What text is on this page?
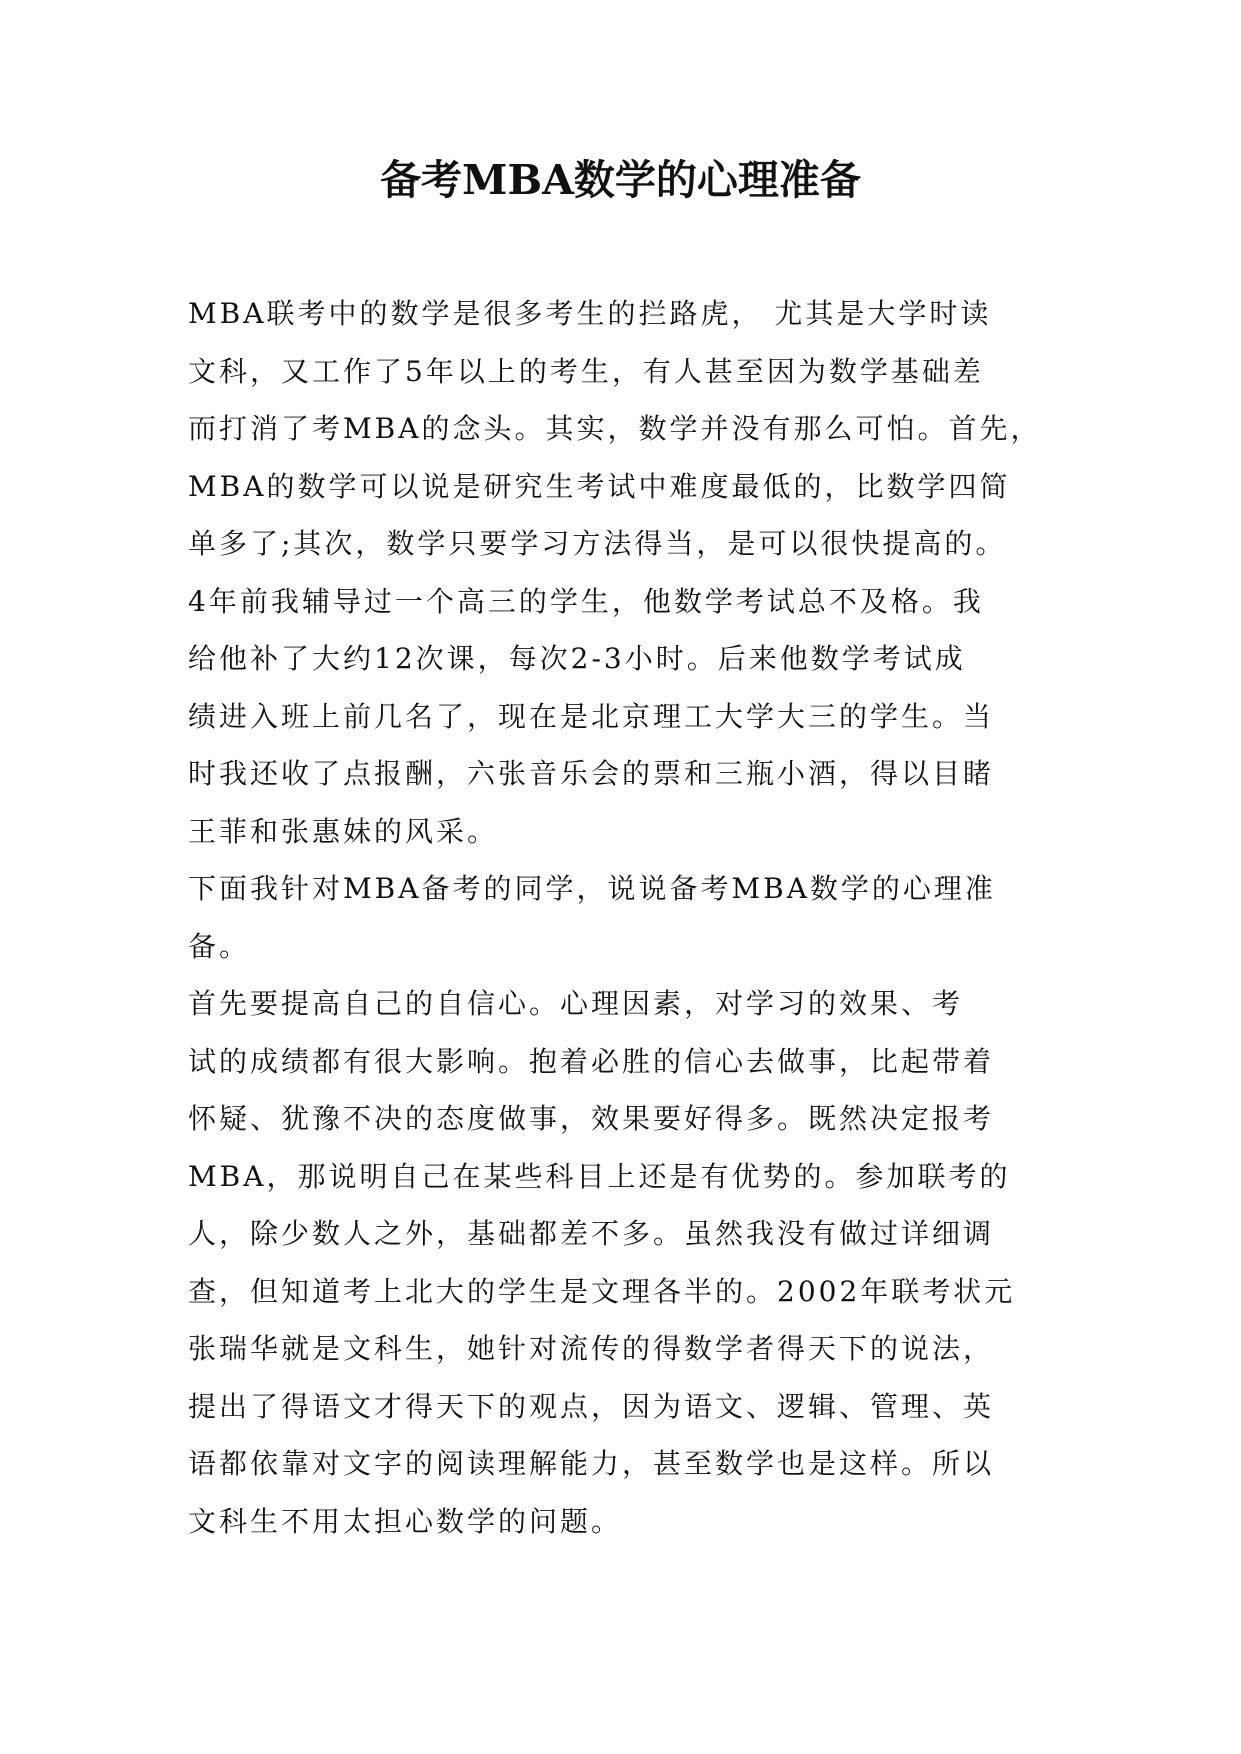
备考MBA数学的心理准备
MBA联考中的数学是很多考生的拦路虎， 尤其是大学时读
文科，又工作了5年以上的考生，有人甚至因为数学基础差
而打消了考MBA的念头。其实，数学并没有那么可怕。首先，
MBA的数学可以说是研究生考试中难度最低的，比数学四简
单多了;其次，数学只要学习方法得当，是可以很快提高的。
4年前我辅导过一个高三的学生，他数学考试总不及格。我
给他补了大约12次课，每次2-3小时。后来他数学考试成
绩进入班上前几名了，现在是北京理工大学大三的学生。当
时我还收了点报酬，六张音乐会的票和三瓶小酒，得以目睹
王菲和张惠妹的风采。
下面我针对MBA备考的同学，说说备考MBA数学的心理准
备。
首先要提高自己的自信心。心理因素，对学习的效果、考
试的成绩都有很大影响。抱着必胜的信心去做事，比起带着
怀疑、犹豫不决的态度做事，效果要好得多。既然决定报考
MBA，那说明自己在某些科目上还是有优势的。参加联考的
人，除少数人之外，基础都差不多。虽然我没有做过详细调
查，但知道考上北大的学生是文理各半的。2002年联考状元
张瑞华就是文科生，她针对流传的得数学者得天下的说法，
提出了得语文才得天下的观点，因为语文、逻辑、管理、英
语都依靠对文字的阅读理解能力，甚至数学也是这样。所以
文科生不用太担心数学的问题。
